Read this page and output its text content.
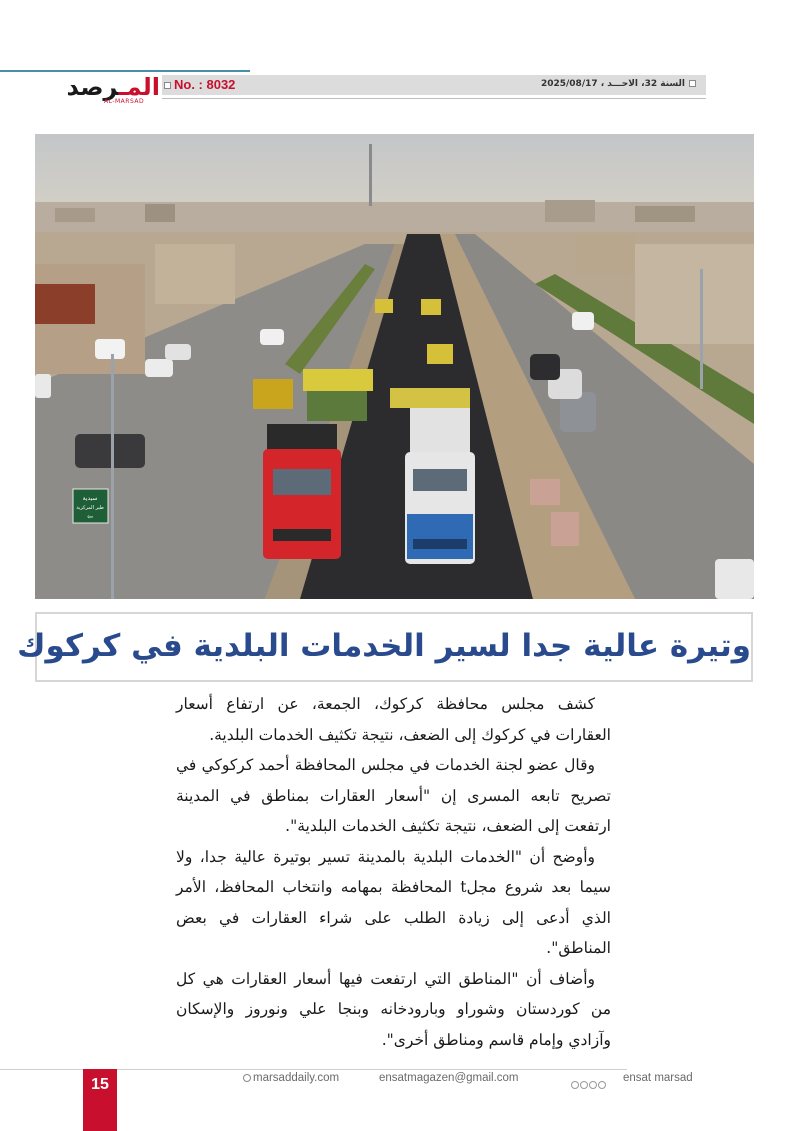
المـرصد
AL-MARSAD
No. : 8032	السنة 32، الاحـــد ، 2025/08/17
سيدية
طير المركزية
⇦
وتيرة عالية جدا لسير الخدمات البلدية في كركوك

كشف مجلس محافظة كركوك، الجمعة، عن ارتفاع أسعار العقارات في كركوك إلى الضعف، نتيجة تكثيف الخدمات البلدية.

وقال عضو لجنة الخدمات في مجلس المحافظة أحمد كركوكي في تصريح تابعه المسرى إن "أسعار العقارات بمناطق في المدينة ارتفعت إلى الضعف، نتيجة تكثيف الخدمات البلدية".

وأوضح أن "الخدمات البلدية بالمدينة تسير بوتيرة عالية جدا، ولا سيما بعد شروع مجلt المحافظة بمهامه وانتخاب المحافظ، الأمر الذي أدعى إلى زيادة الطلب على شراء العقارات في بعض المناطق".

وأضاف أن "المناطق التي ارتفعت فيها أسعار العقارات هي كل من كوردستان وشوراو وبارودخانه وبنجا علي ونوروز والإسكان وآزادي وإمام قاسم ومناطق أخرى".

15	marsaddaily.com	ensatmagazen@gmail.com	ensat marsad
